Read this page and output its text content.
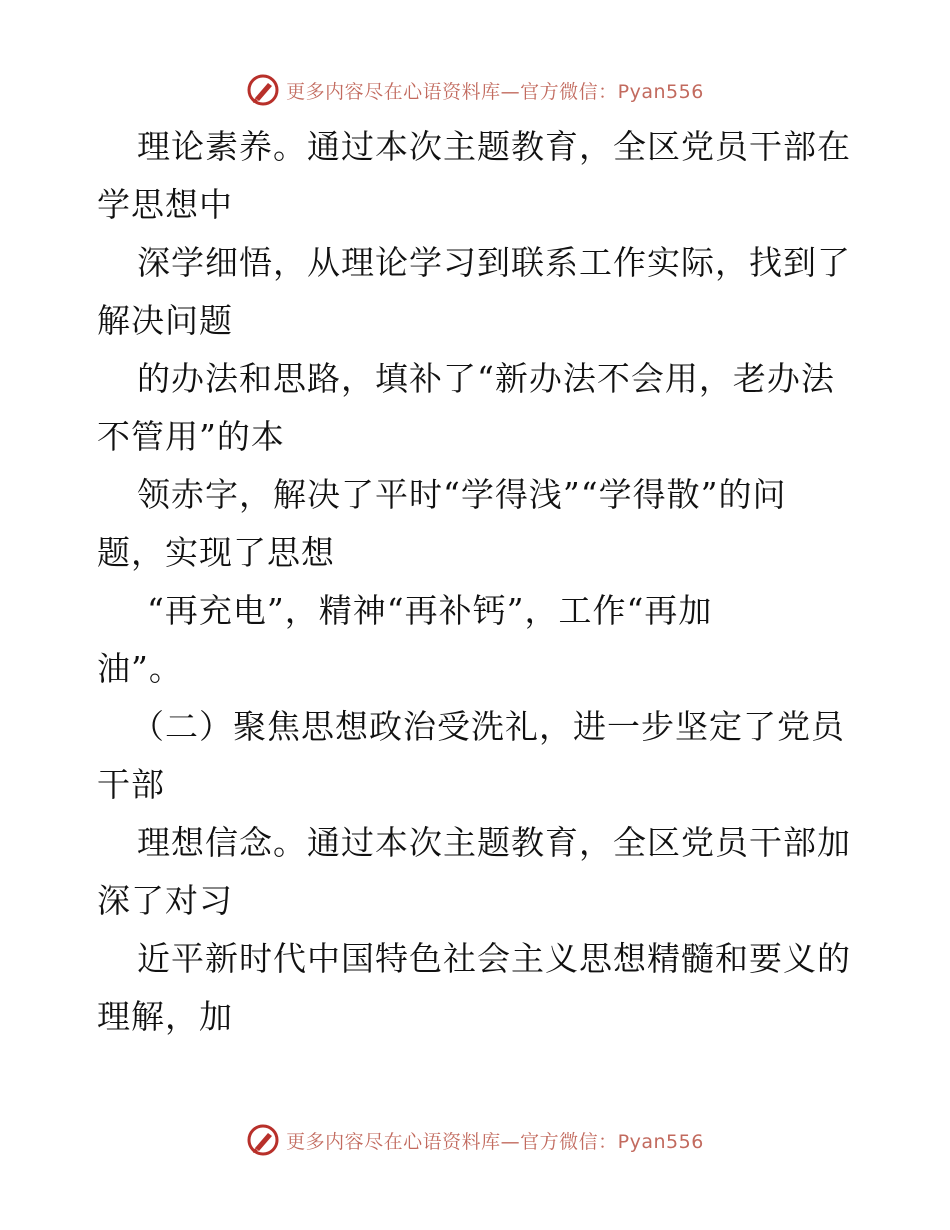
更多内容尽在心语资料库—官方微信：Pyan556
理论素养。通过本次主题教育，全区党员干部在
学思想中
深学细悟，从理论学习到联系工作实际，找到了
解决问题
的办法和思路，填补了“新办法不会用，老办法
不管用”的本
领赤字，解决了平时“学得浅”“学得散”的问
题，实现了思想
“再充电”，精神“再补钙”，工作“再加
油”。
（二）聚焦思想政治受洗礼，进一步坚定了党员
干部
理想信念。通过本次主题教育，全区党员干部加
深了对习
近平新时代中国特色社会主义思想精髓和要义的
理解，加
更多内容尽在心语资料库—官方微信：Pyan556
